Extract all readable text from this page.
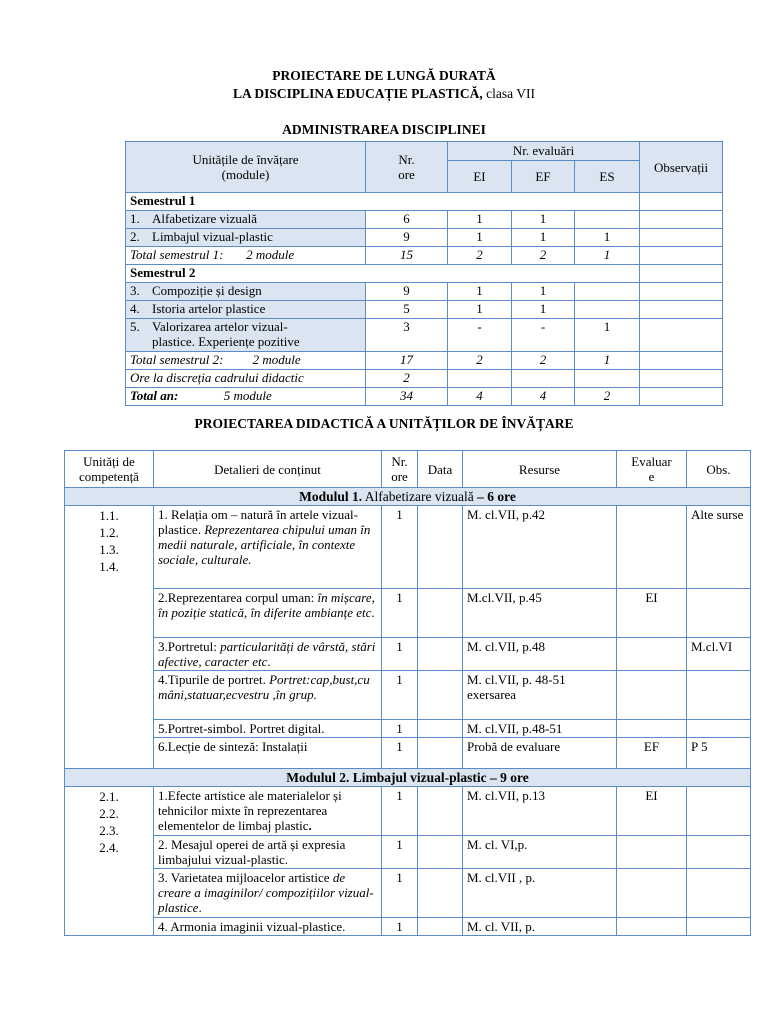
PROIECTARE DE LUNGĂ DURATĂ
LA DISCIPLINA EDUCAȚIE PLASTICĂ, clasa VII
ADMINISTRAREA DISCIPLINEI
Unitățile de învățare
(module)	Nr.
ore	Nr. evaluări			Observații
		EI	EF	ES	
Semestrul 1					
1. Alfabetizare vizuală	6	1	1		
2. Limbajul vizual-plastic	9	1	1	1	
Total semestrul 1: 2 module	15	2	2	1	
Semestrul 2					
3. Compoziție și design	9	1	1		
4. Istoria artelor plastice	5	1	1		
5. Valorizarea artelor vizual-
plastice. Experiențe pozitive	3	-	-	1	
Total semestrul 2: 2 module	17	2	2	1	
Ore la discreția cadrului didactic	2				
Total an: 5 module	34	4	4	2	
PROIECTAREA DIDACTICĂ A UNITĂȚILOR DE ÎNVĂȚARE
Unități de
competență	Detalieri de conținut	Nr.
ore	Data	Resurse	Evaluar
e	Obs.
Modulul 1. Alfabetizare vizuală – 6 ore						

1.1.
1.2.
1.3.
1.4.	1. Relația om – natură în artele vizual-plastice. Reprezentarea chipului uman în medii naturale, artificiale, în contexte sociale, culturale.	1		M. cl.VII, p.42		Alte surse
	2.Reprezentarea corpul uman: în mișcare, în poziție statică, în diferite ambianțe etc.	1		M.cl.VII, p.45	EI	
	3.Portretul: particularități de vârstă, stări afective, caracter etc.	1		M. cl.VII, p.48		M.cl.VI
	4.Tipurile de portret. Portret:cap,bust,cu mâni,statuar,ecvestru ,în grup.	1		M. cl.VII, p. 48-51
exersarea		
	5.Portret-simbol. Portret digital.	1		M. cl.VII, p.48-51		
	6.Lecție de sinteză: Instalații	1		Probă de evaluare	EF	P 5
Modulul 2. Limbajul vizual-plastic – 9 ore						

2.1.
2.2.
2.3.
2.4.	1.Efecte artistice ale materialelor și tehnicilor mixte în reprezentarea elementelor de limbaj plastic.	1		M. cl.VII, p.13	EI	
	2. Mesajul operei de artă și expresia limbajului vizual-plastic.	1		M. cl. VI,p.		
	3. Varietatea mijloacelor artistice de creare a imaginilor/ compozițiilor vizual-plastice.	1		M. cl.VII , p.		
	4. Armonia imaginii vizual-plastice.	1		M. cl. VII, p.		
